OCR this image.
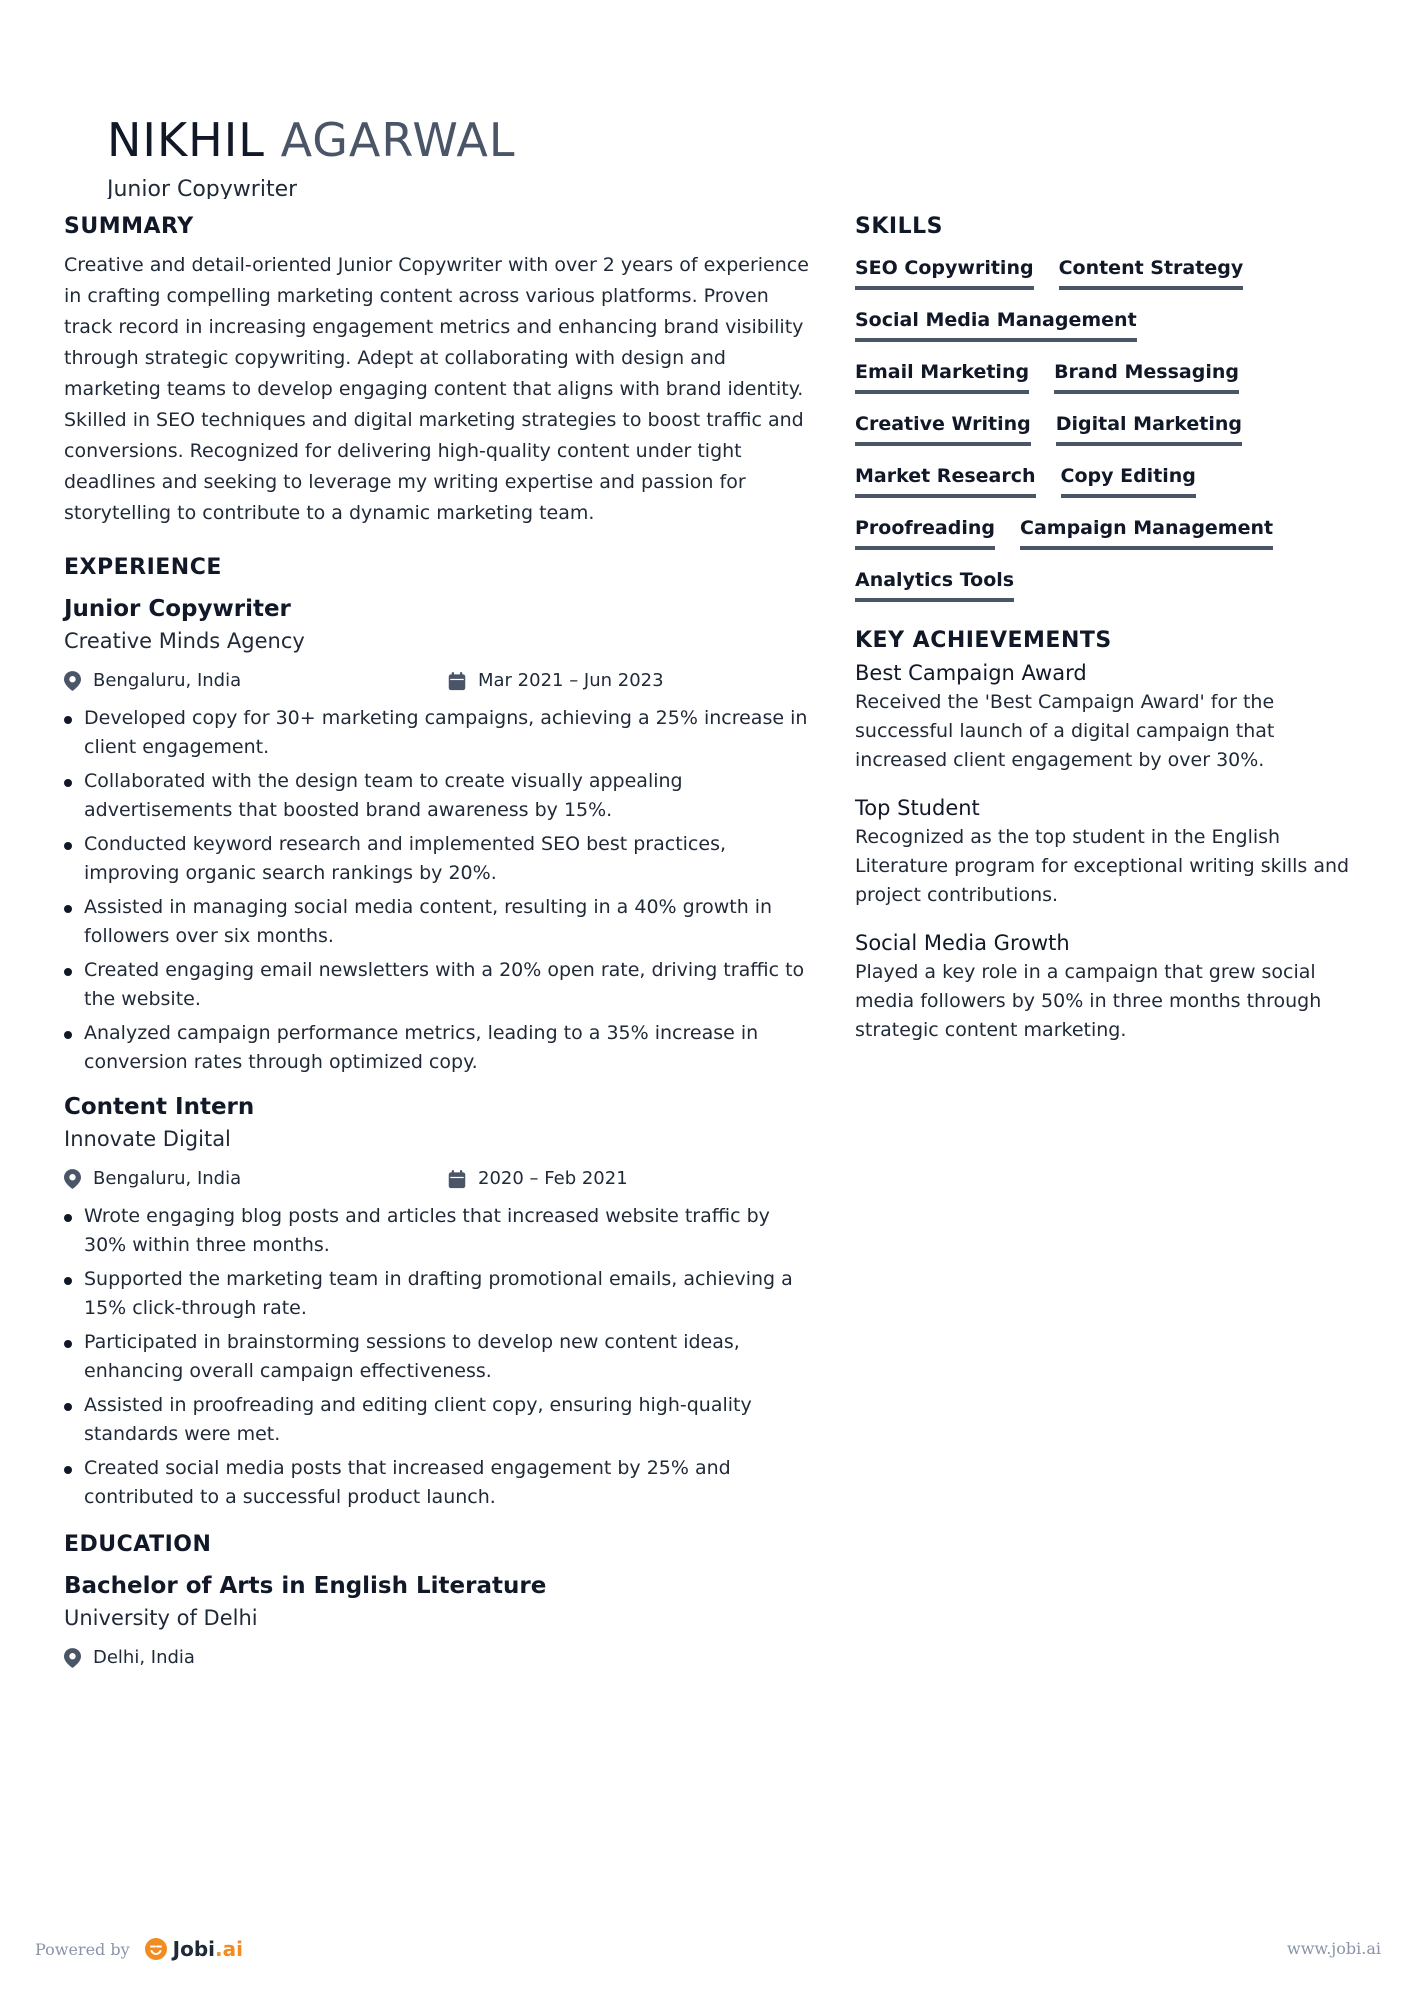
NIKHIL AGARWAL
Junior Copywriter
SUMMARY

Creative and detail-oriented Junior Copywriter with over 2 years of experience in crafting compelling marketing content across various platforms. Proven track record in increasing engagement metrics and enhancing brand visibility through strategic copywriting. Adept at collaborating with design and marketing teams to develop engaging content that aligns with brand identity. Skilled in SEO techniques and digital marketing strategies to boost traffic and conversions. Recognized for delivering high-quality content under tight deadlines and seeking to leverage my writing expertise and passion for storytelling to contribute to a dynamic marketing team.

EXPERIENCE
Junior Copywriter
Creative Minds Agency
Bengaluru, India	Mar 2021 – Jun 2023
Developed copy for 30+ marketing campaigns, achieving a 25% increase in client engagement.
Collaborated with the design team to create visually appealing advertisements that boosted brand awareness by 15%.
Conducted keyword research and implemented SEO best practices, improving organic search rankings by 20%.
Assisted in managing social media content, resulting in a 40% growth in followers over six months.
Created engaging email newsletters with a 20% open rate, driving traffic to the website.
Analyzed campaign performance metrics, leading to a 35% increase in conversion rates through optimized copy.
Content Intern
Innovate Digital
Bengaluru, India	2020 – Feb 2021
Wrote engaging blog posts and articles that increased website traffic by 30% within three months.
Supported the marketing team in drafting promotional emails, achieving a 15% click-through rate.
Participated in brainstorming sessions to develop new content ideas, enhancing overall campaign effectiveness.
Assisted in proofreading and editing client copy, ensuring high-quality standards were met.
Created social media posts that increased engagement by 25% and contributed to a successful product launch.
EDUCATION
Bachelor of Arts in English Literature
University of Delhi
Delhi, India
SKILLS
SEO Copywriting Content Strategy
Social Media Management
Email Marketing Brand Messaging
Creative Writing Digital Marketing
Market Research Copy Editing
Proofreading Campaign Management
Analytics Tools
KEY ACHIEVEMENTS
Best Campaign Award
Received the 'Best Campaign Award' for the successful launch of a digital campaign that increased client engagement by over 30%.
Top Student
Recognized as the top student in the English Literature program for exceptional writing skills and project contributions.
Social Media Growth
Played a key role in a campaign that grew social media followers by 50% in three months through strategic content marketing.
Powered by Jobi .ai	www.jobi.ai
